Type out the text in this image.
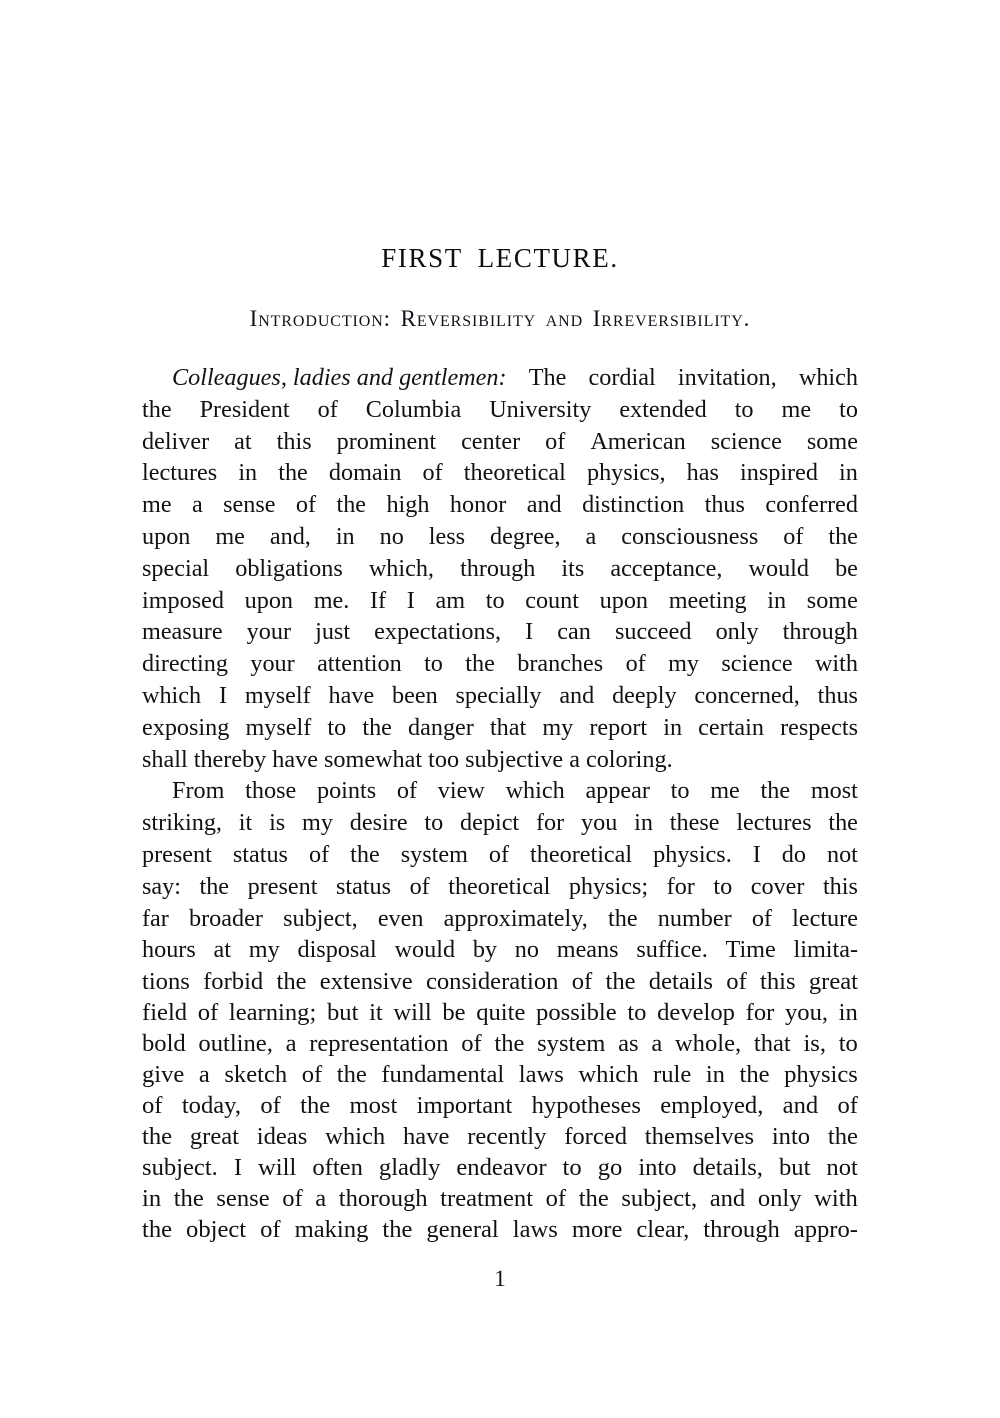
FIRST LECTURE.
Introduction: Reversibility and Irreversibility.
Colleagues, ladies and gentlemen: The cordial invitation, which
the President of Columbia University extended to me to
deliver at this prominent center of American science some
lectures in the domain of theoretical physics, has inspired in
me a sense of the high honor and distinction thus conferred
upon me and, in no less degree, a consciousness of the
special obligations which, through its acceptance, would be
imposed upon me. If I am to count upon meeting in some
measure your just expectations, I can succeed only through
directing your attention to the branches of my science with
which I myself have been specially and deeply concerned, thus
exposing myself to the danger that my report in certain respects
shall thereby have somewhat too subjective a coloring.
From those points of view which appear to me the most
striking, it is my desire to depict for you in these lectures the
present status of the system of theoretical physics. I do not
say: the present status of theoretical physics; for to cover this
far broader subject, even approximately, the number of lecture
hours at my disposal would by no means suffice. Time limita-
tions forbid the extensive consideration of the details of this great
field of learning; but it will be quite possible to develop for you, in
bold outline, a representation of the system as a whole, that is, to
give a sketch of the fundamental laws which rule in the physics
of today, of the most important hypotheses employed, and of
the great ideas which have recently forced themselves into the
subject. I will often gladly endeavor to go into details, but not
in the sense of a thorough treatment of the subject, and only with
the object of making the general laws more clear, through appro-
1
